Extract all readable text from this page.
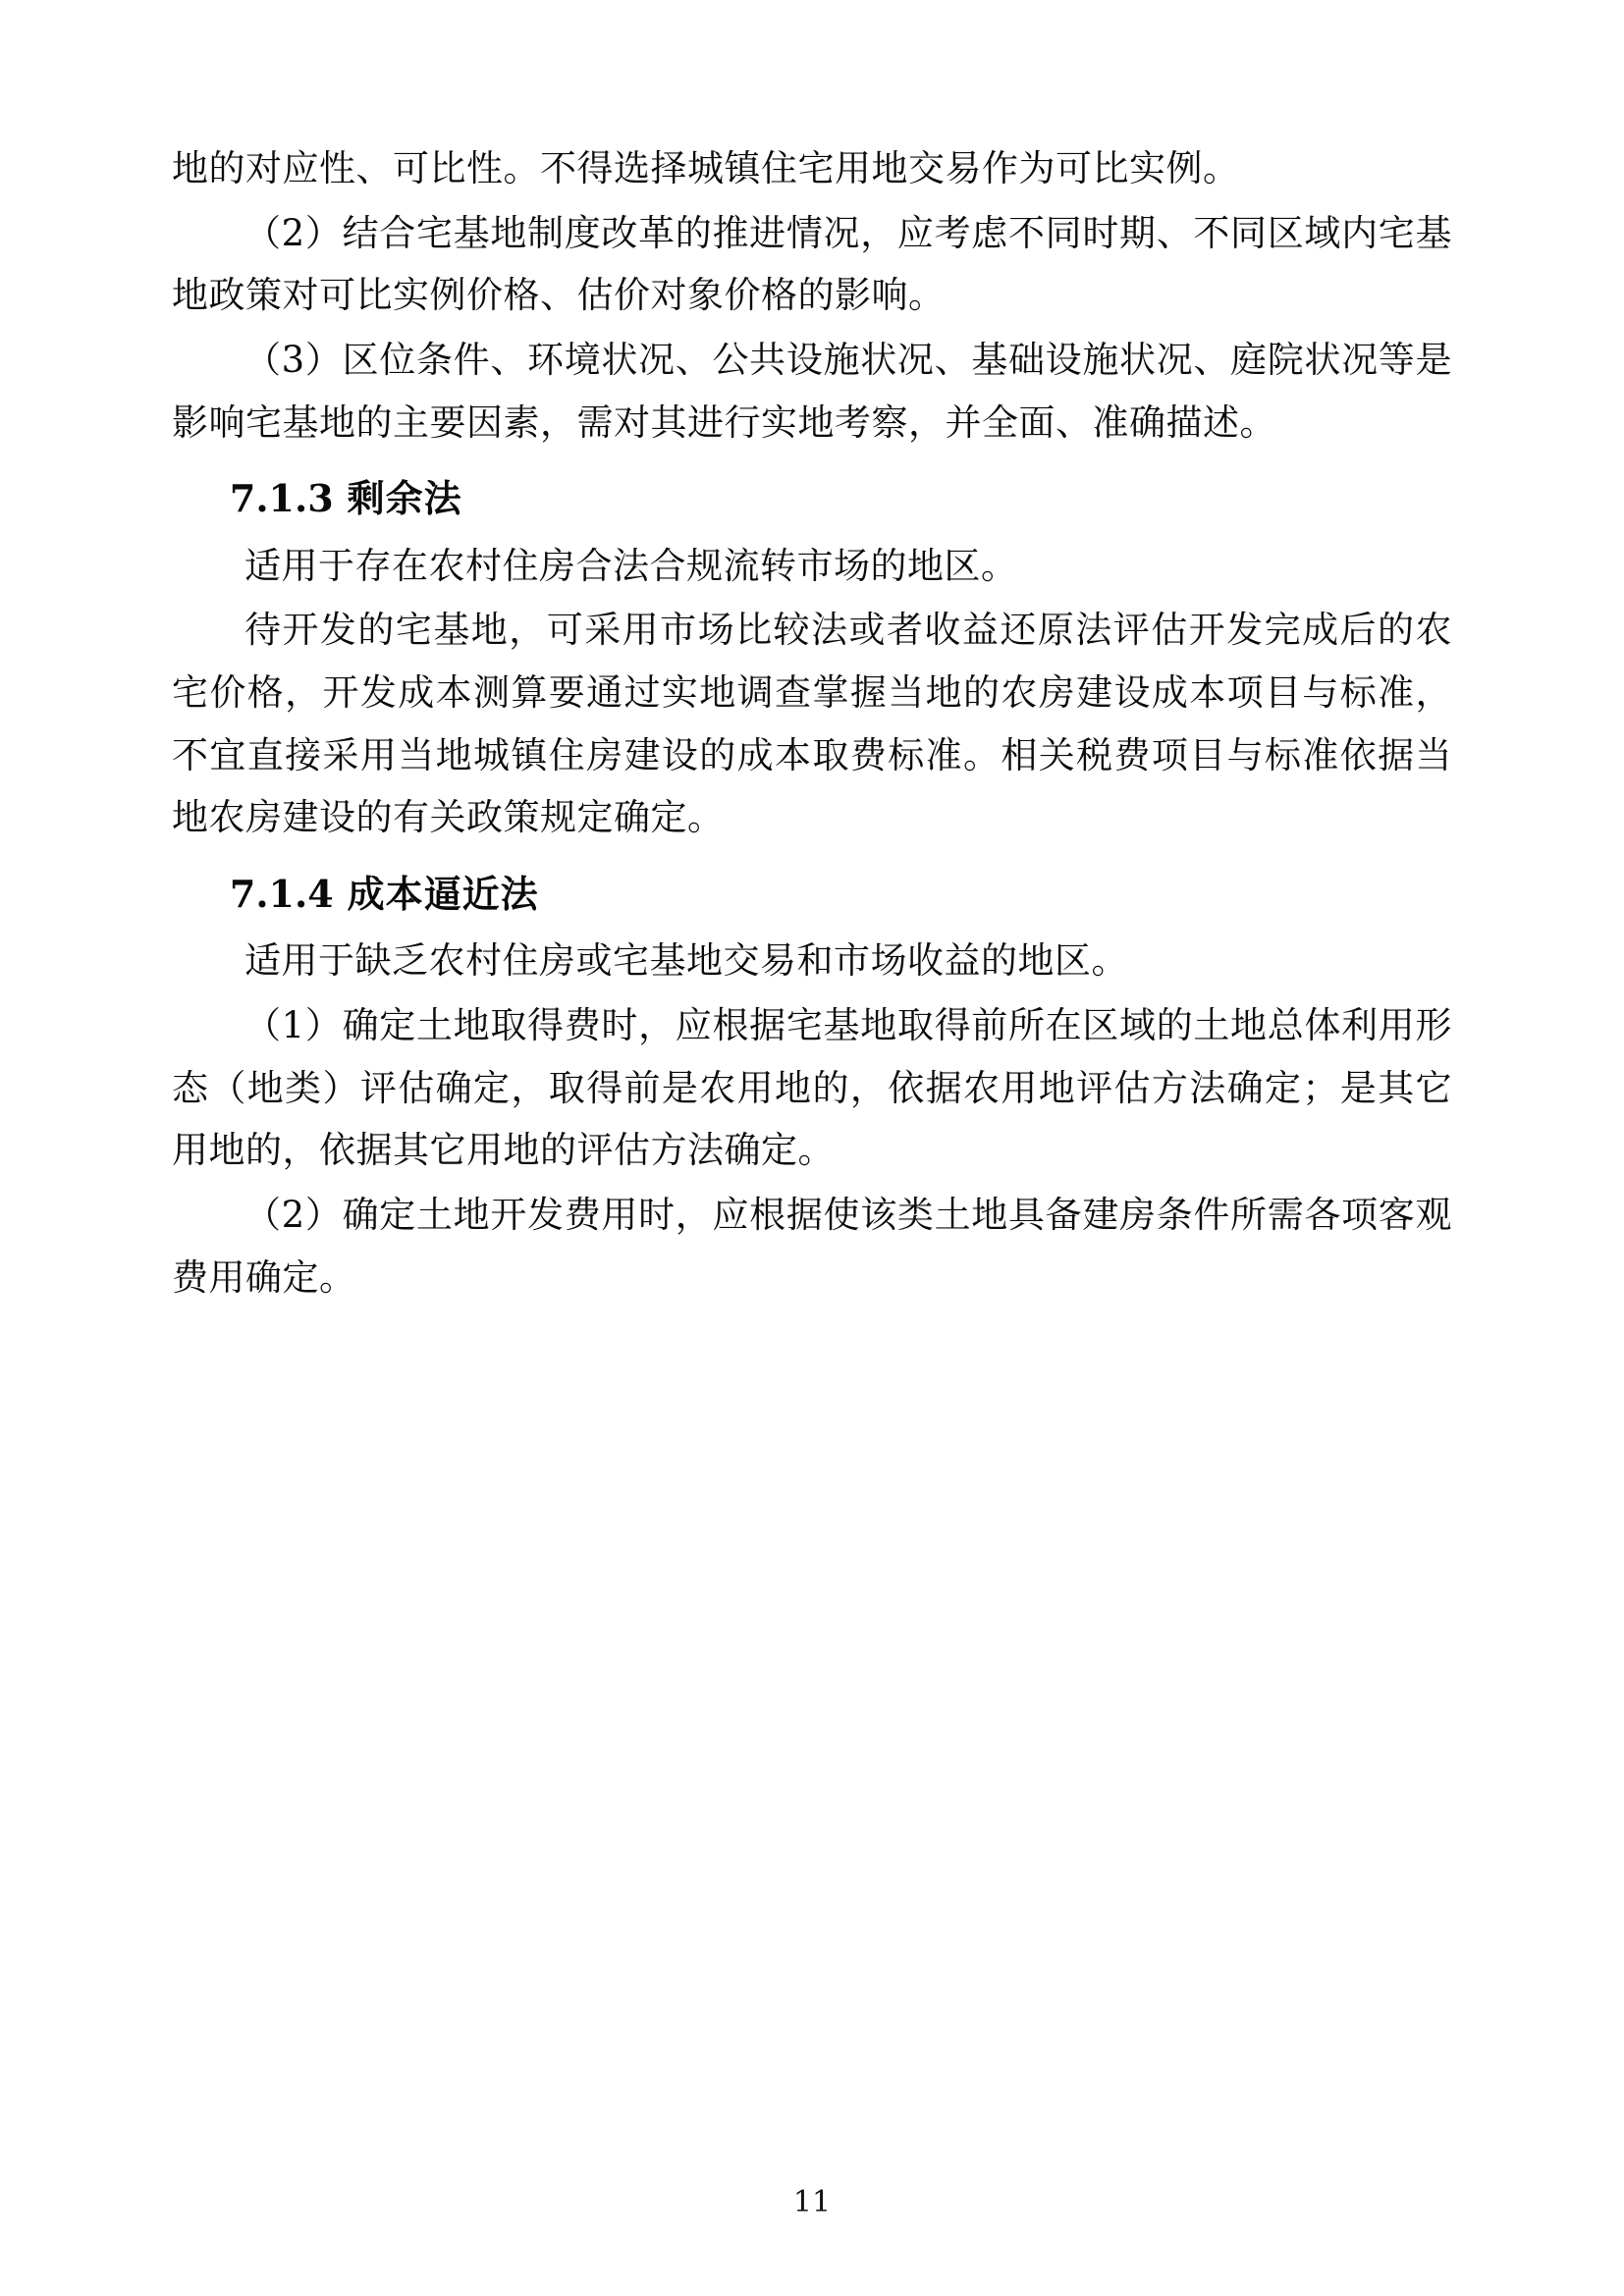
地的对应性、可比性。不得选择城镇住宅用地交易作为可比实例。

（2）结合宅基地制度改革的推进情况，应考虑不同时期、不同区域内宅基地政策对可比实例价格、估价对象价格的影响。

（3）区位条件、环境状况、公共设施状况、基础设施状况、庭院状况等是影响宅基地的主要因素，需对其进行实地考察，并全面、准确描述。

7.1.3 剩余法

适用于存在农村住房合法合规流转市场的地区。

待开发的宅基地，可采用市场比较法或者收益还原法评估开发完成后的农宅价格，开发成本测算要通过实地调查掌握当地的农房建设成本项目与标准，不宜直接采用当地城镇住房建设的成本取费标准。相关税费项目与标准依据当地农房建设的有关政策规定确定。

7.1.4 成本逼近法

适用于缺乏农村住房或宅基地交易和市场收益的地区。

（1）确定土地取得费时，应根据宅基地取得前所在区域的土地总体利用形态（地类）评估确定，取得前是农用地的，依据农用地评估方法确定；是其它用地的，依据其它用地的评估方法确定。

（2）确定土地开发费用时，应根据使该类土地具备建房条件所需各项客观费用确定。

11
